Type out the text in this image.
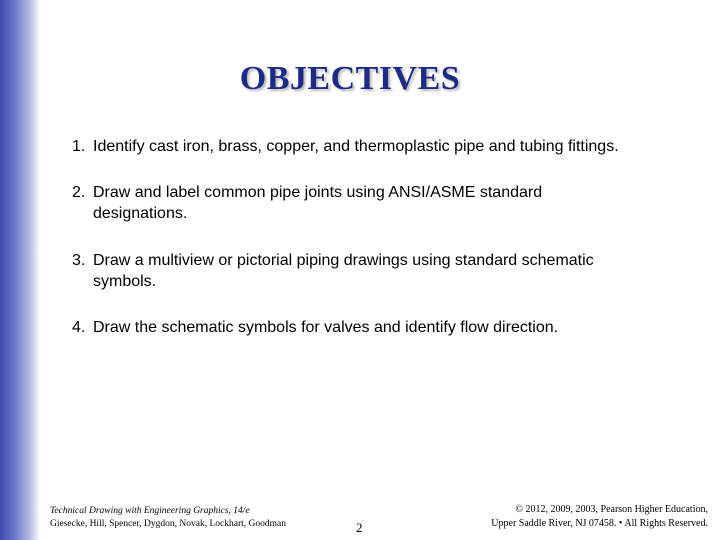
OBJECTIVES
1. Identify cast iron, brass, copper, and thermoplastic pipe and tubing fittings.
2. Draw and label common pipe joints using ANSI/ASME standard designations.
3. Draw a multiview or pictorial piping drawings using standard schematic symbols.
4. Draw the schematic symbols for valves and identify flow direction.
Technical Drawing with Engineering Graphics, 14/e
Giesecke, Hill, Spencer, Dygdon, Novak, Lockhart, Goodman	2
© 2012, 2009, 2003, Pearson Higher Education,
Upper Saddle River, NJ 07458. • All Rights Reserved.
